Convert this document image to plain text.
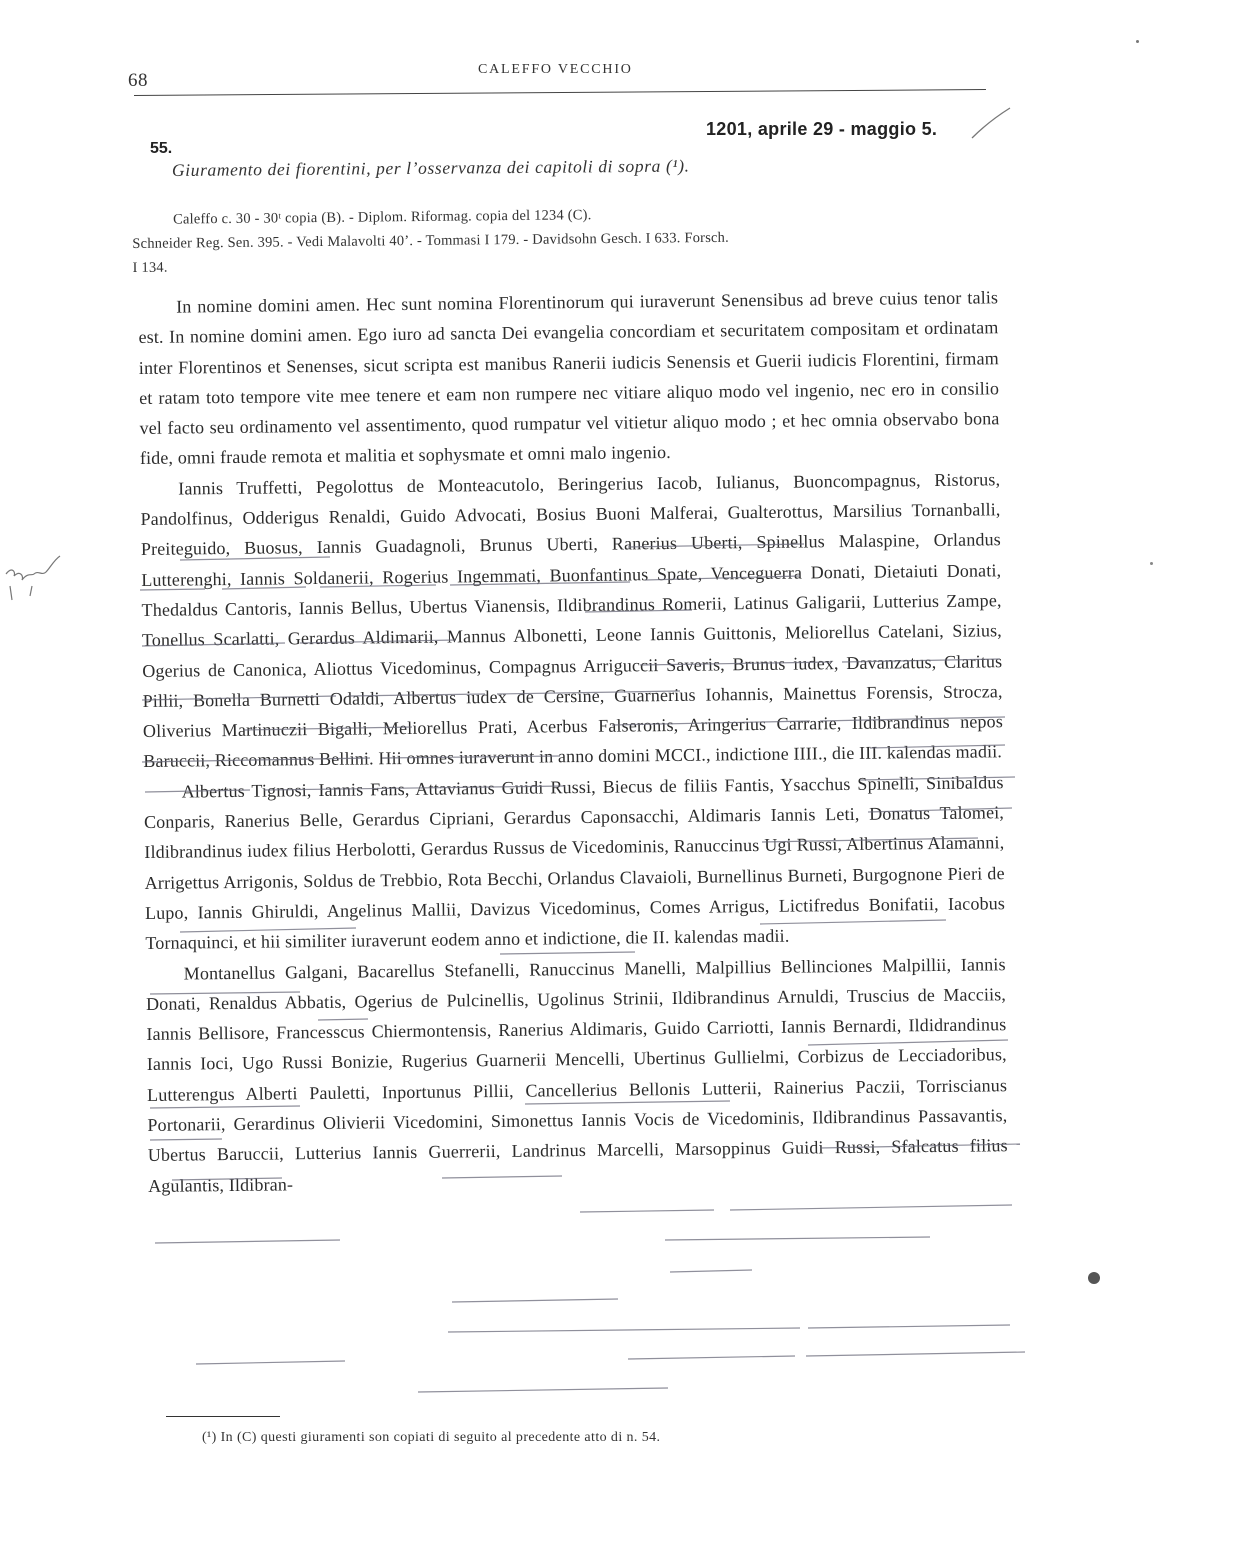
68
CALEFFO VECCHIO
55.
1201, aprile 29 - maggio 5.
Giuramento dei fiorentini, per l’osservanza dei capitoli di sopra (¹).
Caleffo c. 30 - 30ᵗ copia (B). - Diplom. Riformag. copia del 1234 (C).
Schneider Reg. Sen. 395. - Vedi Malavolti 40’. - Tommasi I 179. - Davidsohn Gesch. I 633. Forsch.
I 134.

In nomine domini amen. Hec sunt nomina Florentinorum qui iuraverunt Senensibus ad breve cuius tenor talis est. In nomine domini amen. Ego iuro ad sancta Dei evangelia concordiam et securitatem compositam et ordinatam inter Florentinos et Senenses, sicut scripta est manibus Ranerii iudicis Senensis et Guerii iudicis Florentini, firmam et ratam toto tempore vite mee tenere et eam non rumpere nec vitiare aliquo modo vel ingenio, nec ero in consilio vel facto seu ordinamento vel assentimento, quod rumpatur vel vitietur aliquo modo ; et hec omnia observabo bona fide, omni fraude remota et malitia et sophysmate et omni malo ingenio.

Iannis Truffetti, Pegolottus de Monteacutolo, Beringerius Iacob, Iulianus, Buoncompagnus, Ristorus, Pandolfinus, Odderigus Renaldi, Guido Advocati, Bosius Buoni Malferai, Gualterottus, Marsilius Tornanballi, Preiteguido, Buosus, Iannis Guadagnoli, Brunus Uberti, Ranerius Uberti, Spinellus Malaspine, Orlandus Lutterenghi, Iannis Soldanerii, Rogerius Ingemmati, Buonfantinus Spate, Venceguerra Donati, Dietaiuti Donati, Thedaldus Cantoris, Iannis Bellus, Ubertus Vianensis, Ildibrandinus Romerii, Latinus Galigarii, Lutterius Zampe, Tonellus Scarlatti, Gerardus Aldimarii, Mannus Albonetti, Leone Iannis Guittonis, Meliorellus Catelani, Sizius, Ogerius de Canonica, Aliottus Vicedominus, Compagnus Arriguccii Saveris, Brunus iudex, Davanzatus, Claritus Pillii, Bonella Burnetti Odaldi, Albertus iudex de Cersine, Guarnerius Iohannis, Mainettus Forensis, Strocza, Oliverius Martinuczii Bigalli, Meliorellus Prati, Acerbus Falseronis, Aringerius Carrarie, Ildibrandinus nepos Baruccii, Riccomannus Bellini. Hii omnes iuraverunt in anno domini MCCI., indictione IIII., die III. kalendas madii.

Albertus Tignosi, Iannis Fans, Attavianus Guidi Russi, Biecus de filiis Fantis, Ysacchus Spinelli, Sinibaldus Conparis, Ranerius Belle, Gerardus Cipriani, Gerardus Caponsacchi, Aldimaris Iannis Leti, Donatus Talomei, Ildibrandinus iudex filius Herbolotti, Gerardus Russus de Vicedominis, Ranuccinus Ugi Russi, Albertinus Alamanni, Arrigettus Arrigonis, Soldus de Trebbio, Rota Becchi, Orlandus Clavaioli, Burnellinus Burneti, Burgognone Pieri de Lupo, Iannis Ghiruldi, Angelinus Mallii, Davizus Vicedominus, Comes Arrigus, Lictifredus Bonifatii, Iacobus Tornaquinci, et hii similiter iuraverunt eodem anno et indictione, die II. kalendas madii.

Montanellus Galgani, Bacarellus Stefanelli, Ranuccinus Manelli, Malpillius Bellinciones Malpillii, Iannis Donati, Renaldus Abbatis, Ogerius de Pulcinellis, Ugolinus Strinii, Ildibrandinus Arnuldi, Truscius de Macciis, Iannis Bellisore, Francesscus Chiermontensis, Ranerius Aldimaris, Guido Carriotti, Iannis Bernardi, Ildidrandinus Iannis Ioci, Ugo Russi Bonizie, Rugerius Guarnerii Mencelli, Ubertinus Gullielmi, Corbizus de Lecciadoribus, Lutterengus Alberti Pauletti, Inportunus Pillii, Cancellerius Bellonis Lutterii, Rainerius Paczii, Torriscianus Portonarii, Gerardinus Olivierii Vicedomini, Simonettus Iannis Vocis de Vicedominis, Ildibrandinus Passavantis, Ubertus Baruccii, Lutterius Iannis Guerrerii, Landrinus Marcelli, Marsoppinus Guidi Russi, Sfalcatus filius Agulantis, Ildibran-

(¹) In (C) questi giuramenti son copiati di seguito al precedente atto di n. 54.
